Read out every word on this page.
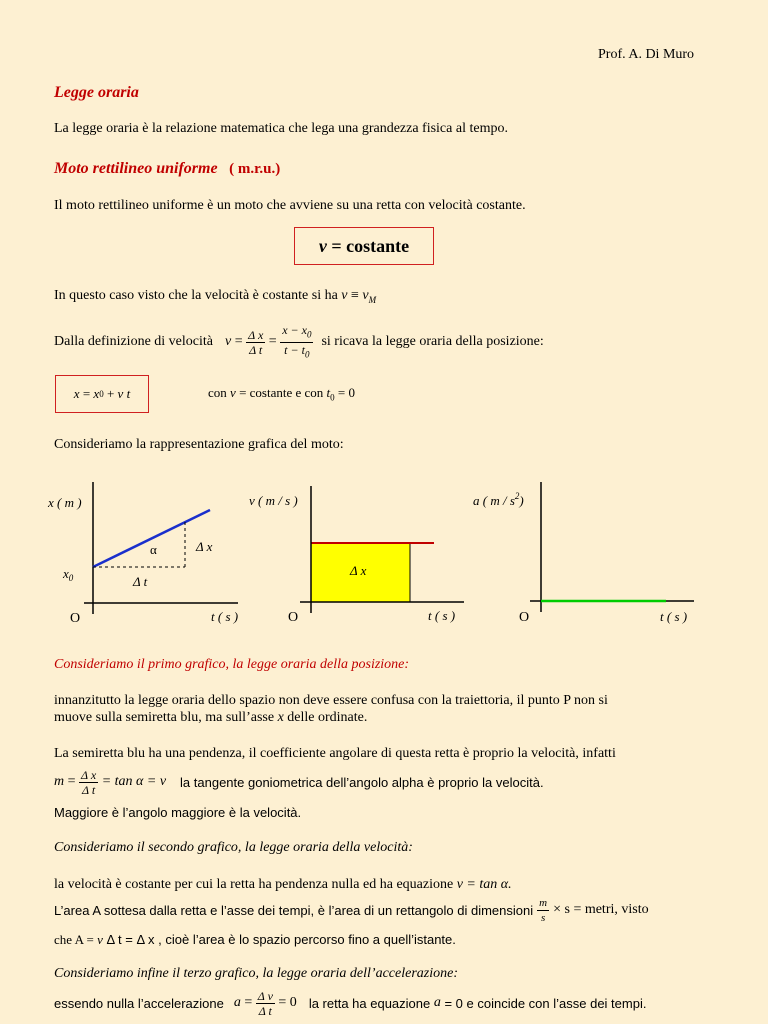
Prof. A. Di Muro
Legge oraria
La legge oraria è la relazione matematica che lega una grandezza fisica al tempo.
Moto rettilineo uniforme ( m.r.u.)
Il moto rettilineo uniforme è un moto che avviene su una retta con velocità costante.
v = costante
In questo caso visto che la velocità è costante si ha $v \equiv v_M$
Dalla definizione di velocità $v = \frac{\text{Δ x}}{\text{Δ t}} = \frac{x - x_0}{t - t_0}$ si ricava la legge oraria della posizione:
x = x 0 + v t	con v = costante e con $t_0 = 0$
Consideriamo la rappresentazione grafica del moto:
x ( m )
$x_0$
α	Δ x
Δ t
O	t ( s )
v ( m / s )
Δ x
O	t ( s )
a ( m / $s^2$)
O	t ( s )
Consideriamo il primo grafico, la legge oraria della posizione:
innanzitutto la legge oraria dello spazio non deve essere confusa con la traiettoria, il punto P non si
muove sulla semiretta blu, ma sull’asse x delle ordinate.
La semiretta blu ha una pendenza, il coefficiente angolare di questa retta è proprio la velocità, infatti
$m = \frac{\text{Δ x}}{\text{Δ t}} = \tan \alpha = v$ la tangente goniometrica dell’angolo alpha è proprio la velocità.
Maggiore è l’angolo maggiore è la velocità.
Consideriamo il secondo grafico, la legge oraria della velocità:
la velocità è costante per cui la retta ha pendenza nulla ed ha equazione v = tan α.
L’area A sottesa dalla retta e l’asse dei tempi, è l’area di un rettangolo di dimensioni $\frac{m}{s} \times s$ = metri, visto
che A = v Δ t = Δ x , cioè l’area è lo spazio percorso fino a quell’istante.
Consideriamo infine il terzo grafico, la legge oraria dell’accelerazione:
essendo nulla l’accelerazione $a = \frac{\text{Δ v}}{\text{Δ t}} = 0$ la retta ha equazione a = 0 e coincide con l’asse dei tempi.
